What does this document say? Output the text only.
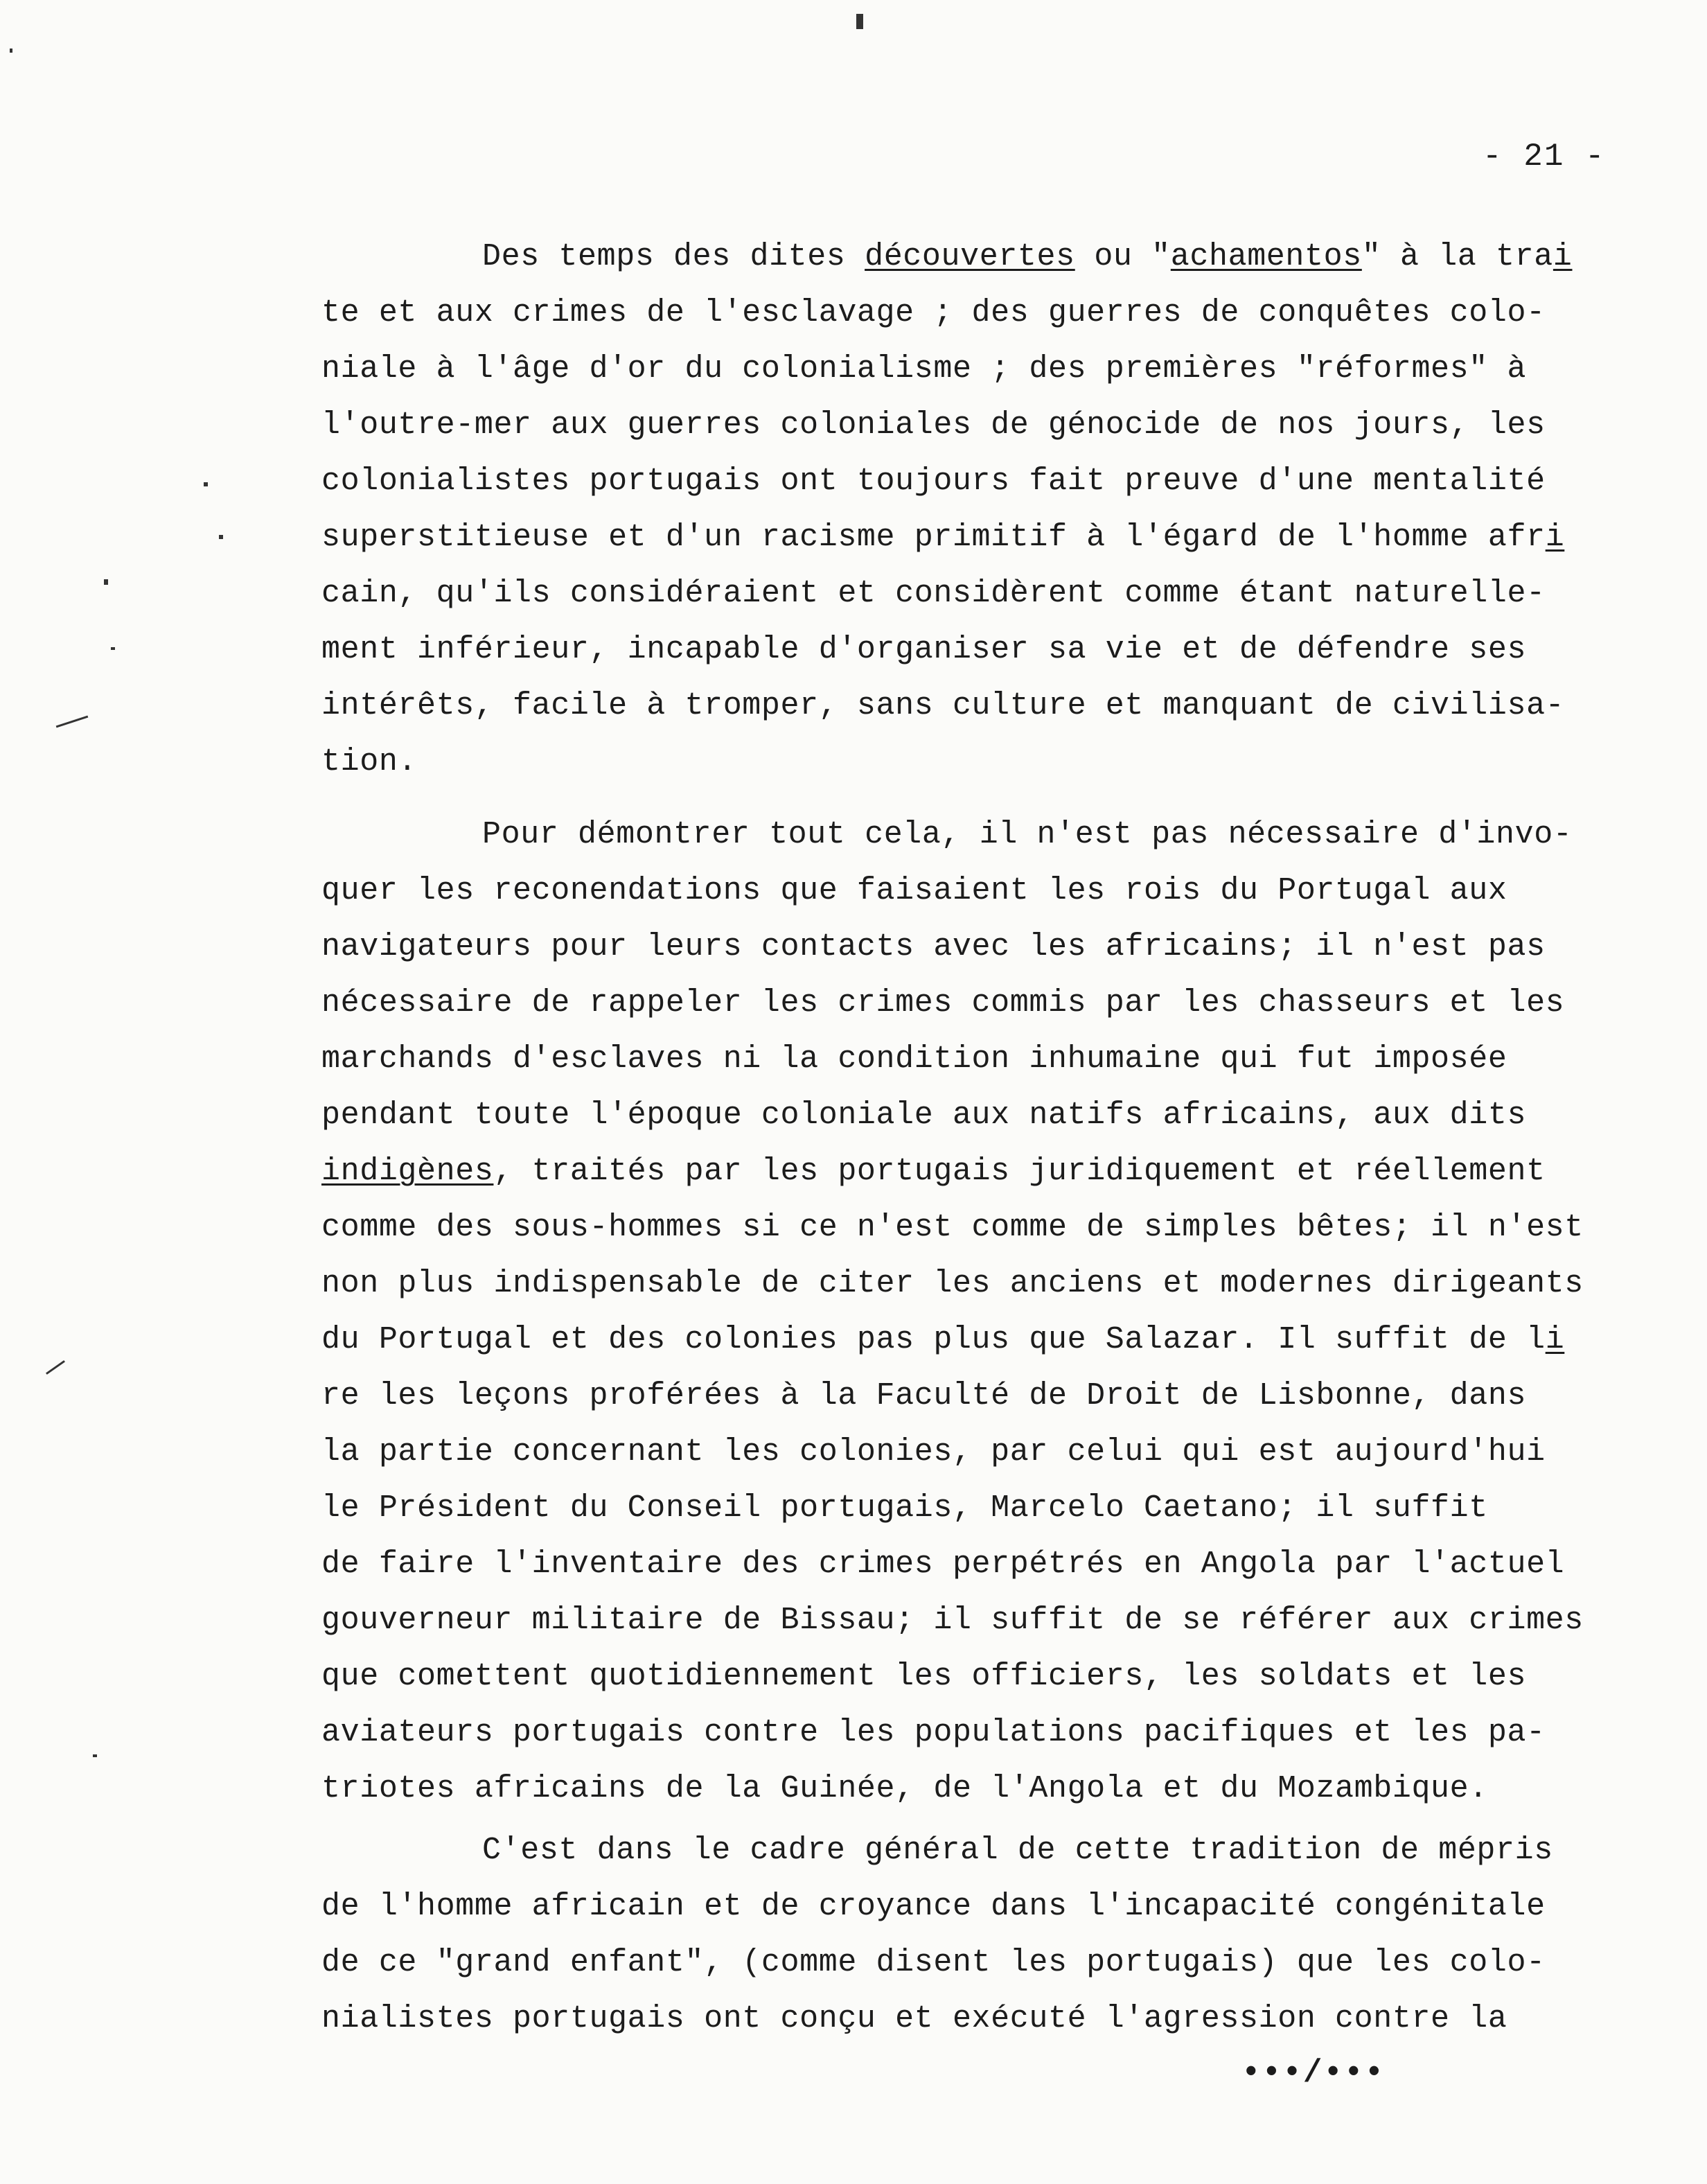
- 21 -
Des temps des dites découvertes ou "achamentos" à la trai
te et aux crimes de l'esclavage ; des guerres de conquêtes colo-
niale à l'âge d'or du colonialisme ; des premières "réformes" à
l'outre-mer aux guerres coloniales de génocide de nos jours, les
colonialistes portugais ont toujours fait preuve d'une mentalité
superstitieuse et d'un racisme primitif à l'égard de l'homme afri
cain, qu'ils considéraient et considèrent comme étant naturelle-
ment inférieur, incapable d'organiser sa vie et de défendre ses
intérêts, facile à tromper, sans culture et manquant de civilisa-
tion.
Pour démontrer tout cela, il n'est pas nécessaire d'invo-
quer les reconendations que faisaient les rois du Portugal aux
navigateurs pour leurs contacts avec les africains; il n'est pas
nécessaire de rappeler les crimes commis par les chasseurs et les
marchands d'esclaves ni la condition inhumaine qui fut imposée
pendant toute l'époque coloniale aux natifs africains, aux dits
indigènes, traités par les portugais juridiquement et réellement
comme des sous-hommes si ce n'est comme de simples bêtes; il n'est
non plus indispensable de citer les anciens et modernes dirigeants
du Portugal et des colonies pas plus que Salazar. Il suffit de li
re les leçons proférées à la Faculté de Droit de Lisbonne, dans
la partie concernant les colonies, par celui qui est aujourd'hui
le Président du Conseil portugais, Marcelo Caetano; il suffit
de faire l'inventaire des crimes perpétrés en Angola par l'actuel
gouverneur militaire de Bissau; il suffit de se référer aux crimes
que comettent quotidiennement les officiers, les soldats et les
aviateurs portugais contre les populations pacifiques et les pa-
triotes africains de la Guinée, de l'Angola et du Mozambique.
C'est dans le cadre général de cette tradition de mépris
de l'homme africain et de croyance dans l'incapacité congénitale
de ce "grand enfant", (comme disent les portugais) que les colo-
nialistes portugais ont conçu et exécuté l'agression contre la
•••/•••
